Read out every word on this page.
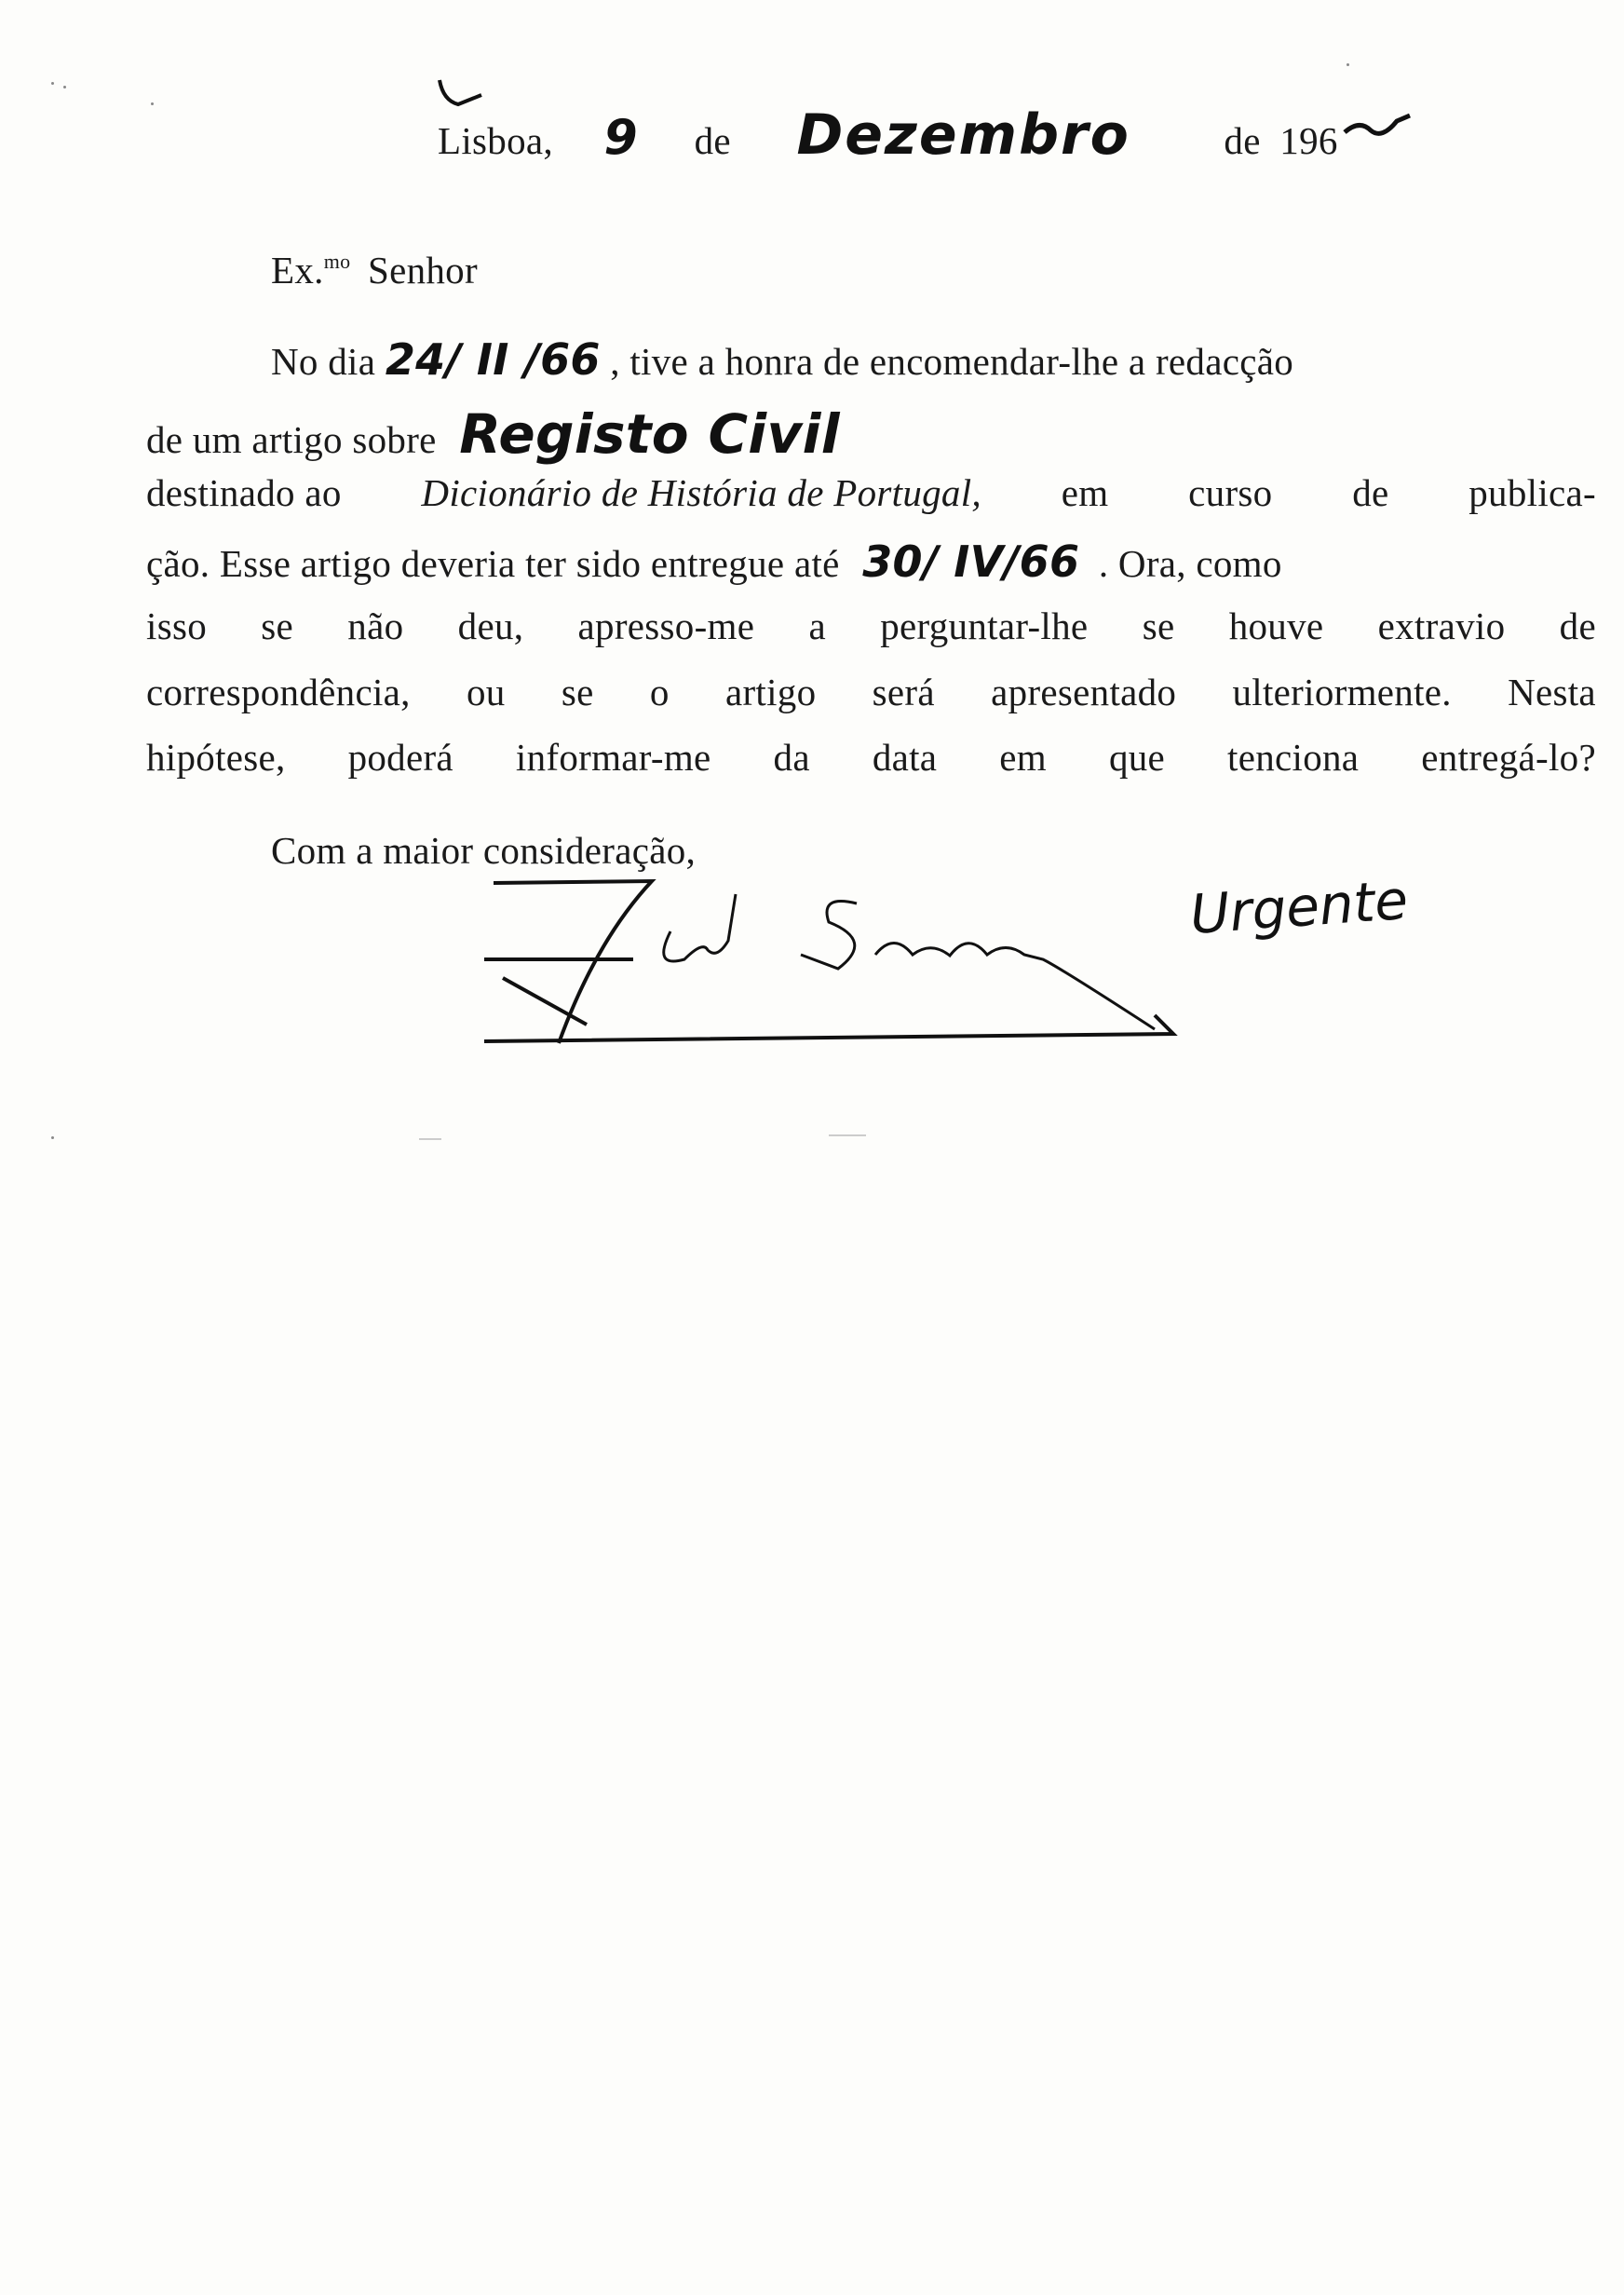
Lisboa, 9 de Dezembro de 196
Ex.$^{mo}$ Senhor
No dia 24/ II /66 , tive a honra de encomendar-lhe a redacção
de um artigo sobre Registo Civil
destinado ao Dicionário de História de Portugal, em curso de publica-
ção. Esse artigo deveria ter sido entregue até 30/ IV/66 . Ora, como
isso se não deu, apresso-me a perguntar-lhe se houve extravio de
correspondência, ou se o artigo será apresentado ulteriormente. Nesta
hipótese, poderá informar-me da data em que tenciona entregá-lo?
Com a maior consideração,
Urgente
